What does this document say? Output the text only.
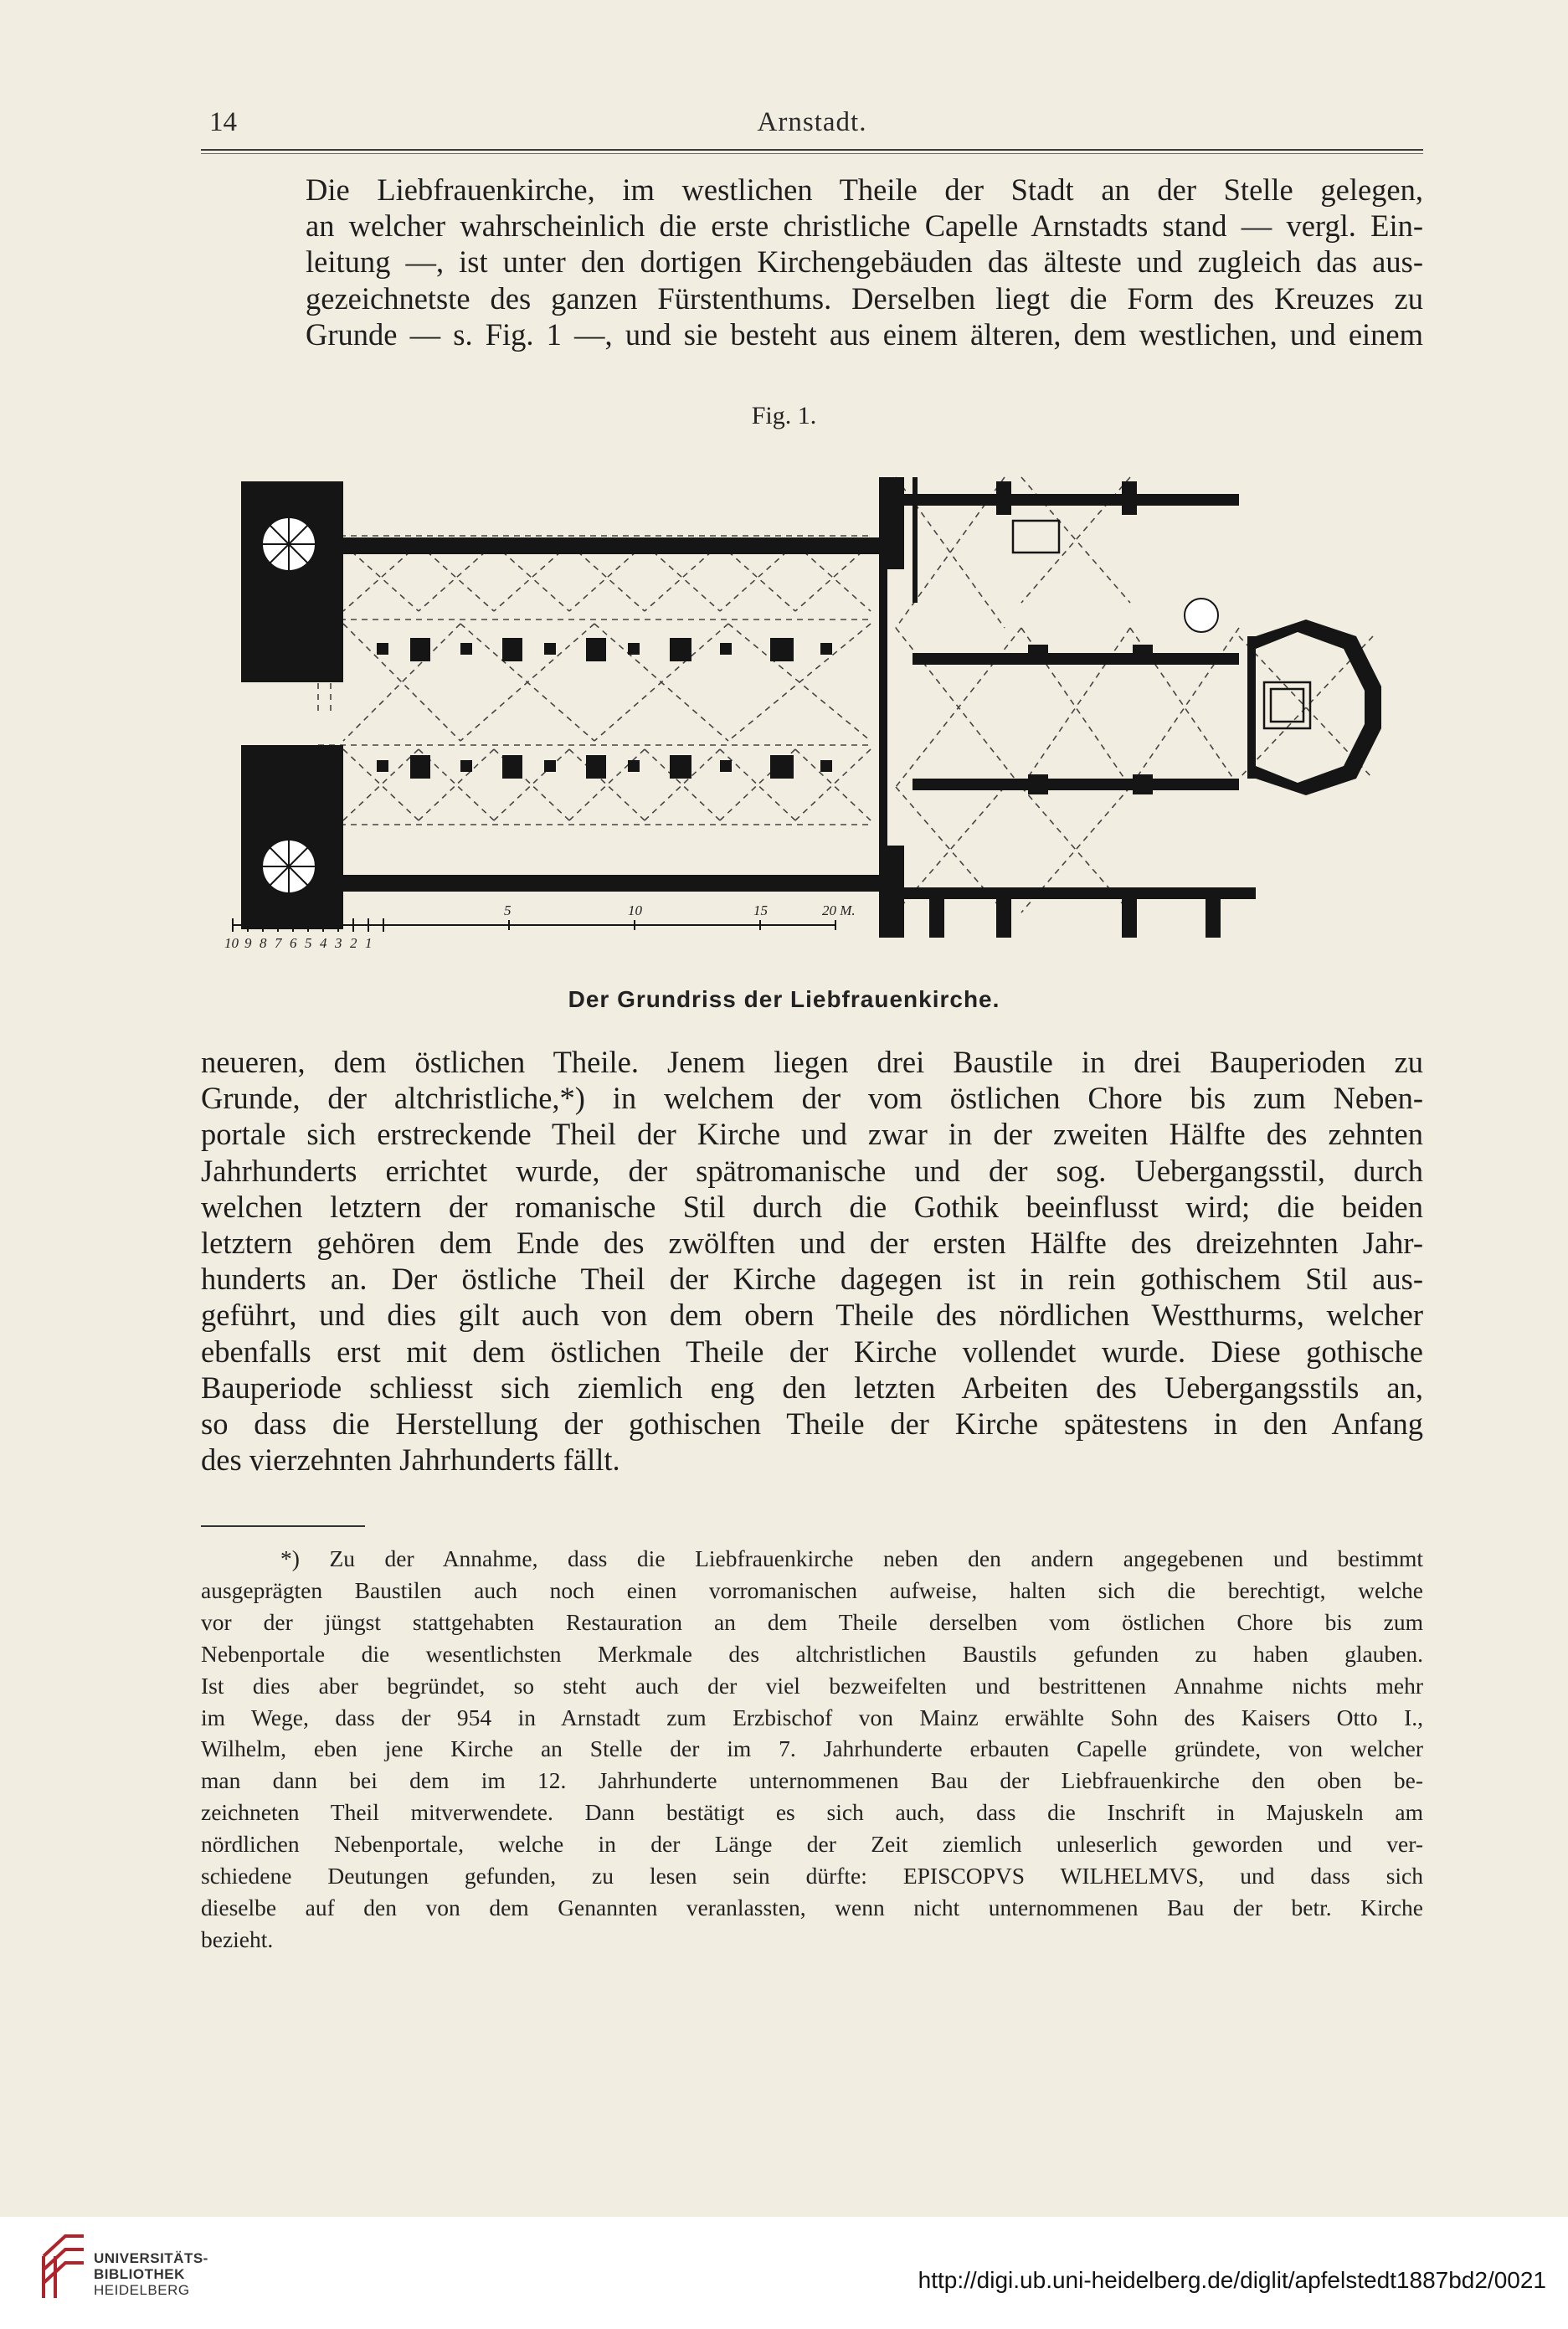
14	Arnstadt.
Die Liebfrauenkirche, im westlichen Theile der Stadt an der Stelle gelegen,
an welcher wahrscheinlich die erste christliche Capelle Arnstadts stand — vergl. Ein-
leitung —, ist unter den dortigen Kirchengebäuden das älteste und zugleich das aus-
gezeichnetste des ganzen Fürstenthums. Derselben liegt die Form des Kreuzes zu
Grunde — s. Fig. 1 —, und sie besteht aus einem älteren, dem westlichen, und einem
Fig. 1.
10 9 8 7 6 5 4 3 2 1
5	10	15	20 M.
Der Grundriss der Liebfrauenkirche.
neueren, dem östlichen Theile. Jenem liegen drei Baustile in drei Bauperioden zu
Grunde, der altchristliche,*) in welchem der vom östlichen Chore bis zum Neben-
portale sich erstreckende Theil der Kirche und zwar in der zweiten Hälfte des zehnten
Jahrhunderts errichtet wurde, der spätromanische und der sog. Uebergangsstil, durch
welchen letztern der romanische Stil durch die Gothik beeinflusst wird; die beiden
letztern gehören dem Ende des zwölften und der ersten Hälfte des dreizehnten Jahr-
hunderts an. Der östliche Theil der Kirche dagegen ist in rein gothischem Stil aus-
geführt, und dies gilt auch von dem obern Theile des nördlichen Westthurms, welcher
ebenfalls erst mit dem östlichen Theile der Kirche vollendet wurde. Diese gothische
Bauperiode schliesst sich ziemlich eng den letzten Arbeiten des Uebergangsstils an,
so dass die Herstellung der gothischen Theile der Kirche spätestens in den Anfang
des vierzehnten Jahrhunderts fällt.
*) Zu der Annahme, dass die Liebfrauenkirche neben den andern angegebenen und bestimmt
ausgeprägten Baustilen auch noch einen vorromanischen aufweise, halten sich die berechtigt, welche
vor der jüngst stattgehabten Restauration an dem Theile derselben vom östlichen Chore bis zum
Nebenportale die wesentlichsten Merkmale des altchristlichen Baustils gefunden zu haben glauben.
Ist dies aber begründet, so steht auch der viel bezweifelten und bestrittenen Annahme nichts mehr
im Wege, dass der 954 in Arnstadt zum Erzbischof von Mainz erwählte Sohn des Kaisers Otto I.,
Wilhelm, eben jene Kirche an Stelle der im 7. Jahrhunderte erbauten Capelle gründete, von welcher
man dann bei dem im 12. Jahrhunderte unternommenen Bau der Liebfrauenkirche den oben be-
zeichneten Theil mitverwendete. Dann bestätigt es sich auch, dass die Inschrift in Majuskeln am
nördlichen Nebenportale, welche in der Länge der Zeit ziemlich unleserlich geworden und ver-
schiedene Deutungen gefunden, zu lesen sein dürfte: EPISCOPVS WILHELMVS, und dass sich
dieselbe auf den von dem Genannten veranlassten, wenn nicht unternommenen Bau der betr. Kirche
bezieht.
UNIVERSITÄTS-
BIBLIOTHEK
HEIDELBERG	http://digi.ub.uni-heidelberg.de/diglit/apfelstedt1887bd2/0021
